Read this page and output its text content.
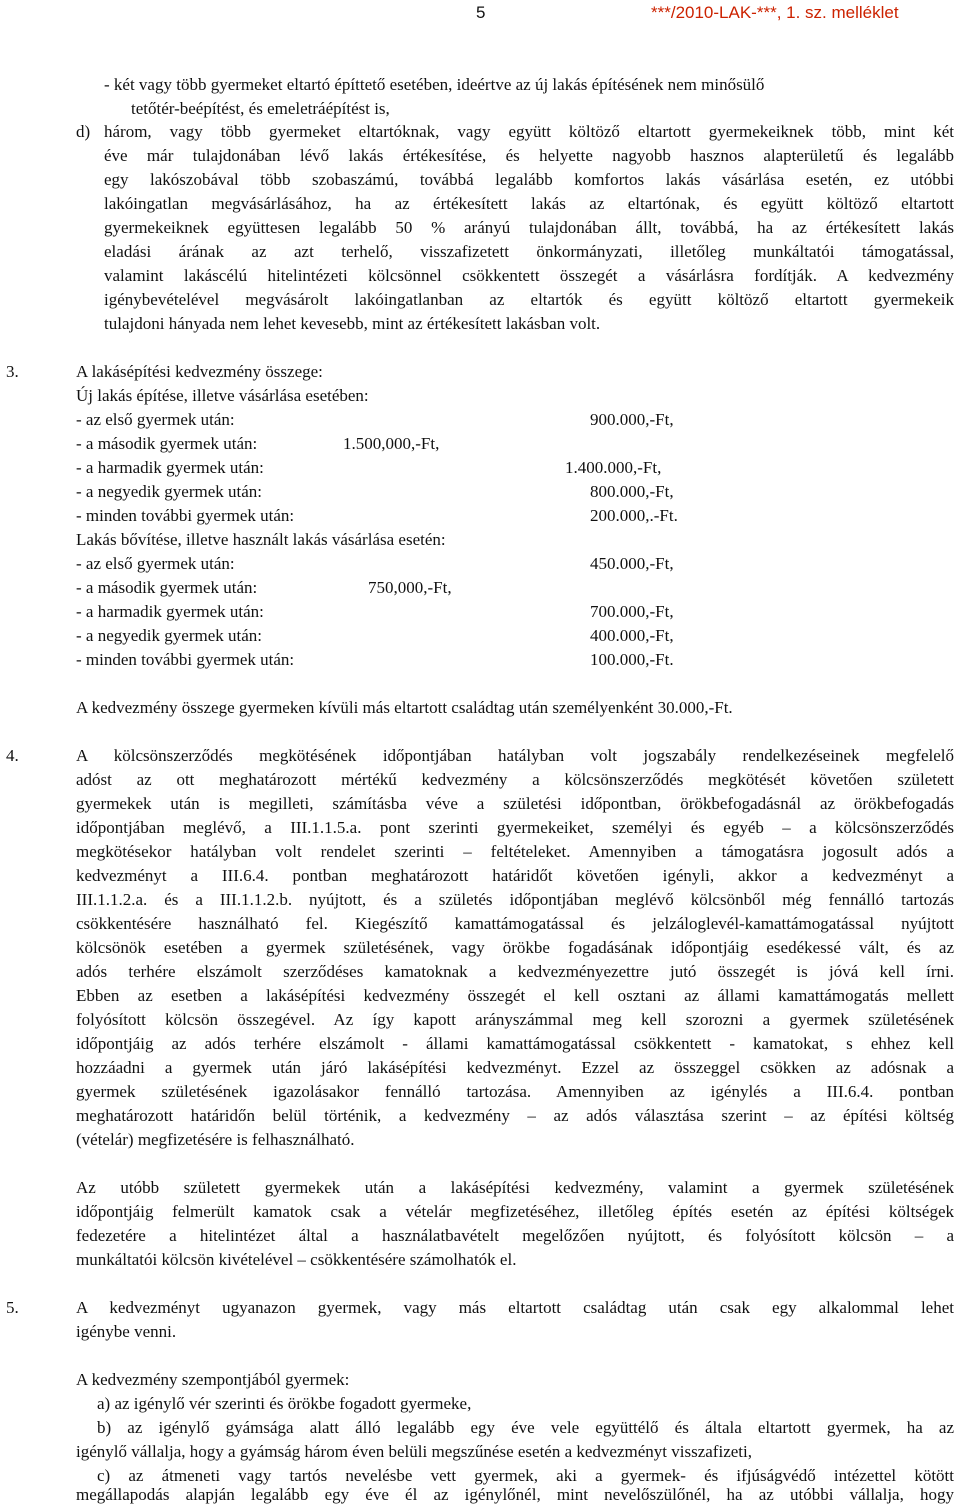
5	***/2010-LAK-***, 1. sz. melléklet
- két vagy több gyermeket eltartó építtető esetében, ideértve az új lakás építésének nem minősülő
tetőtér-beépítést, és emeletráépítést is,
d) három, vagy több gyermeket eltartóknak, vagy együtt költöző eltartott gyermekeiknek több, mint két
éve már tulajdonában lévő lakás értékesítése, és helyette nagyobb hasznos alapterületű és legalább
egy lakószobával több szobaszámú, továbbá legalább komfortos lakás vásárlása esetén, ez utóbbi
lakóingatlan megvásárlásához, ha az értékesített lakás az eltartónak, és együtt költöző eltartott
gyermekeiknek együttesen legalább 50 % arányú tulajdonában állt, továbbá, ha az értékesített lakás
eladási árának az azt terhelő, visszafizetett önkormányzati, illetőleg munkáltatói támogatással,
valamint lakáscélú hitelintézeti kölcsönnel csökkentett összegét a vásárlásra fordítják. A kedvezmény
igénybevételével megvásárolt lakóingatlanban az eltartók és együtt költöző eltartott gyermekeik
tulajdoni hányada nem lehet kevesebb, mint az értékesített lakásban volt.
3.	A lakásépítési kedvezmény összege:
Új lakás építése, illetve vásárlása esetében:
- az első gyermek után:	900.000,-Ft,
- a második gyermek után:	1.500,000,-Ft,
- a harmadik gyermek után:	1.400.000,-Ft,
- a negyedik gyermek után:	800.000,-Ft,
- minden további gyermek után:	200.000,.-Ft.
Lakás bővítése, illetve használt lakás vásárlása esetén:
- az első gyermek után:	450.000,-Ft,
- a második gyermek után:	750,000,-Ft,
- a harmadik gyermek után:	700.000,-Ft,
- a negyedik gyermek után:	400.000,-Ft,
- minden további gyermek után:	100.000,-Ft.
A kedvezmény összege gyermeken kívüli más eltartott családtag után személyenként 30.000,-Ft.
4.	A kölcsönszerződés megkötésének időpontjában hatályban volt jogszabály rendelkezéseinek megfelelő
adóst az ott meghatározott mértékű kedvezmény a kölcsönszerződés megkötését követően született
gyermekek után is megilleti, számításba véve a születési időpontban, örökbefogadásnál az örökbefogadás
időpontjában meglévő, a III.1.1.5.a. pont szerinti gyermekeiket, személyi és egyéb – a kölcsönszerződés
megkötésekor hatályban volt rendelet szerinti – feltételeket. Amennyiben a támogatásra jogosult adós a
kedvezményt a III.6.4. pontban meghatározott határidőt követően igényli, akkor a kedvezményt a
III.1.1.2.a. és a III.1.1.2.b. nyújtott, és a születés időpontjában meglévő kölcsönből még fennálló tartozás
csökkentésére használható fel. Kiegészítő kamattámogatással és jelzáloglevél-kamattámogatással nyújtott
kölcsönök esetében a gyermek születésének, vagy örökbe fogadásának időpontjáig esedékessé vált, és az
adós terhére elszámolt szerződéses kamatoknak a kedvezményezettre jutó összegét is jóvá kell írni.
Ebben az esetben a lakásépítési kedvezmény összegét el kell osztani az állami kamattámogatás mellett
folyósított kölcsön összegével. Az így kapott arányszámmal meg kell szorozni a gyermek születésének
időpontjáig az adós terhére elszámolt - állami kamattámogatással csökkentett - kamatokat, s ehhez kell
hozzáadni a gyermek után járó lakásépítési kedvezményt. Ezzel az összeggel csökken az adósnak a
gyermek születésének igazolásakor fennálló tartozása. Amennyiben az igénylés a III.6.4. pontban
meghatározott határidőn belül történik, a kedvezmény – az adós választása szerint – az építési költség
(vételár) megfizetésére is felhasználható.
Az utóbb született gyermekek után a lakásépítési kedvezmény, valamint a gyermek születésének
időpontjáig felmerült kamatok csak a vételár megfizetéséhez, illetőleg építés esetén az építési költségek
fedezetére a hitelintézet által a használatbavételt megelőzően nyújtott, és folyósított kölcsön – a
munkáltatói kölcsön kivételével – csökkentésére számolhatók el.
5.	A kedvezményt ugyanazon gyermek, vagy más eltartott családtag után csak egy alkalommal lehet
igénybe venni.
A kedvezmény szempontjából gyermek:
a) az igénylő vér szerinti és örökbe fogadott gyermeke,
b) az igénylő gyámsága alatt álló legalább egy éve vele együttélő és általa eltartott gyermek, ha az
igénylő vállalja, hogy a gyámság három éven belüli megszűnése esetén a kedvezményt visszafizeti,
c) az átmeneti vagy tartós nevelésbe vett gyermek, aki a gyermek- és ifjúságvédő intézettel kötött
megállapodás alapján legalább egy éve él az igénylőnél, mint nevelőszülőnél, ha az utóbbi vállalja, hogy
